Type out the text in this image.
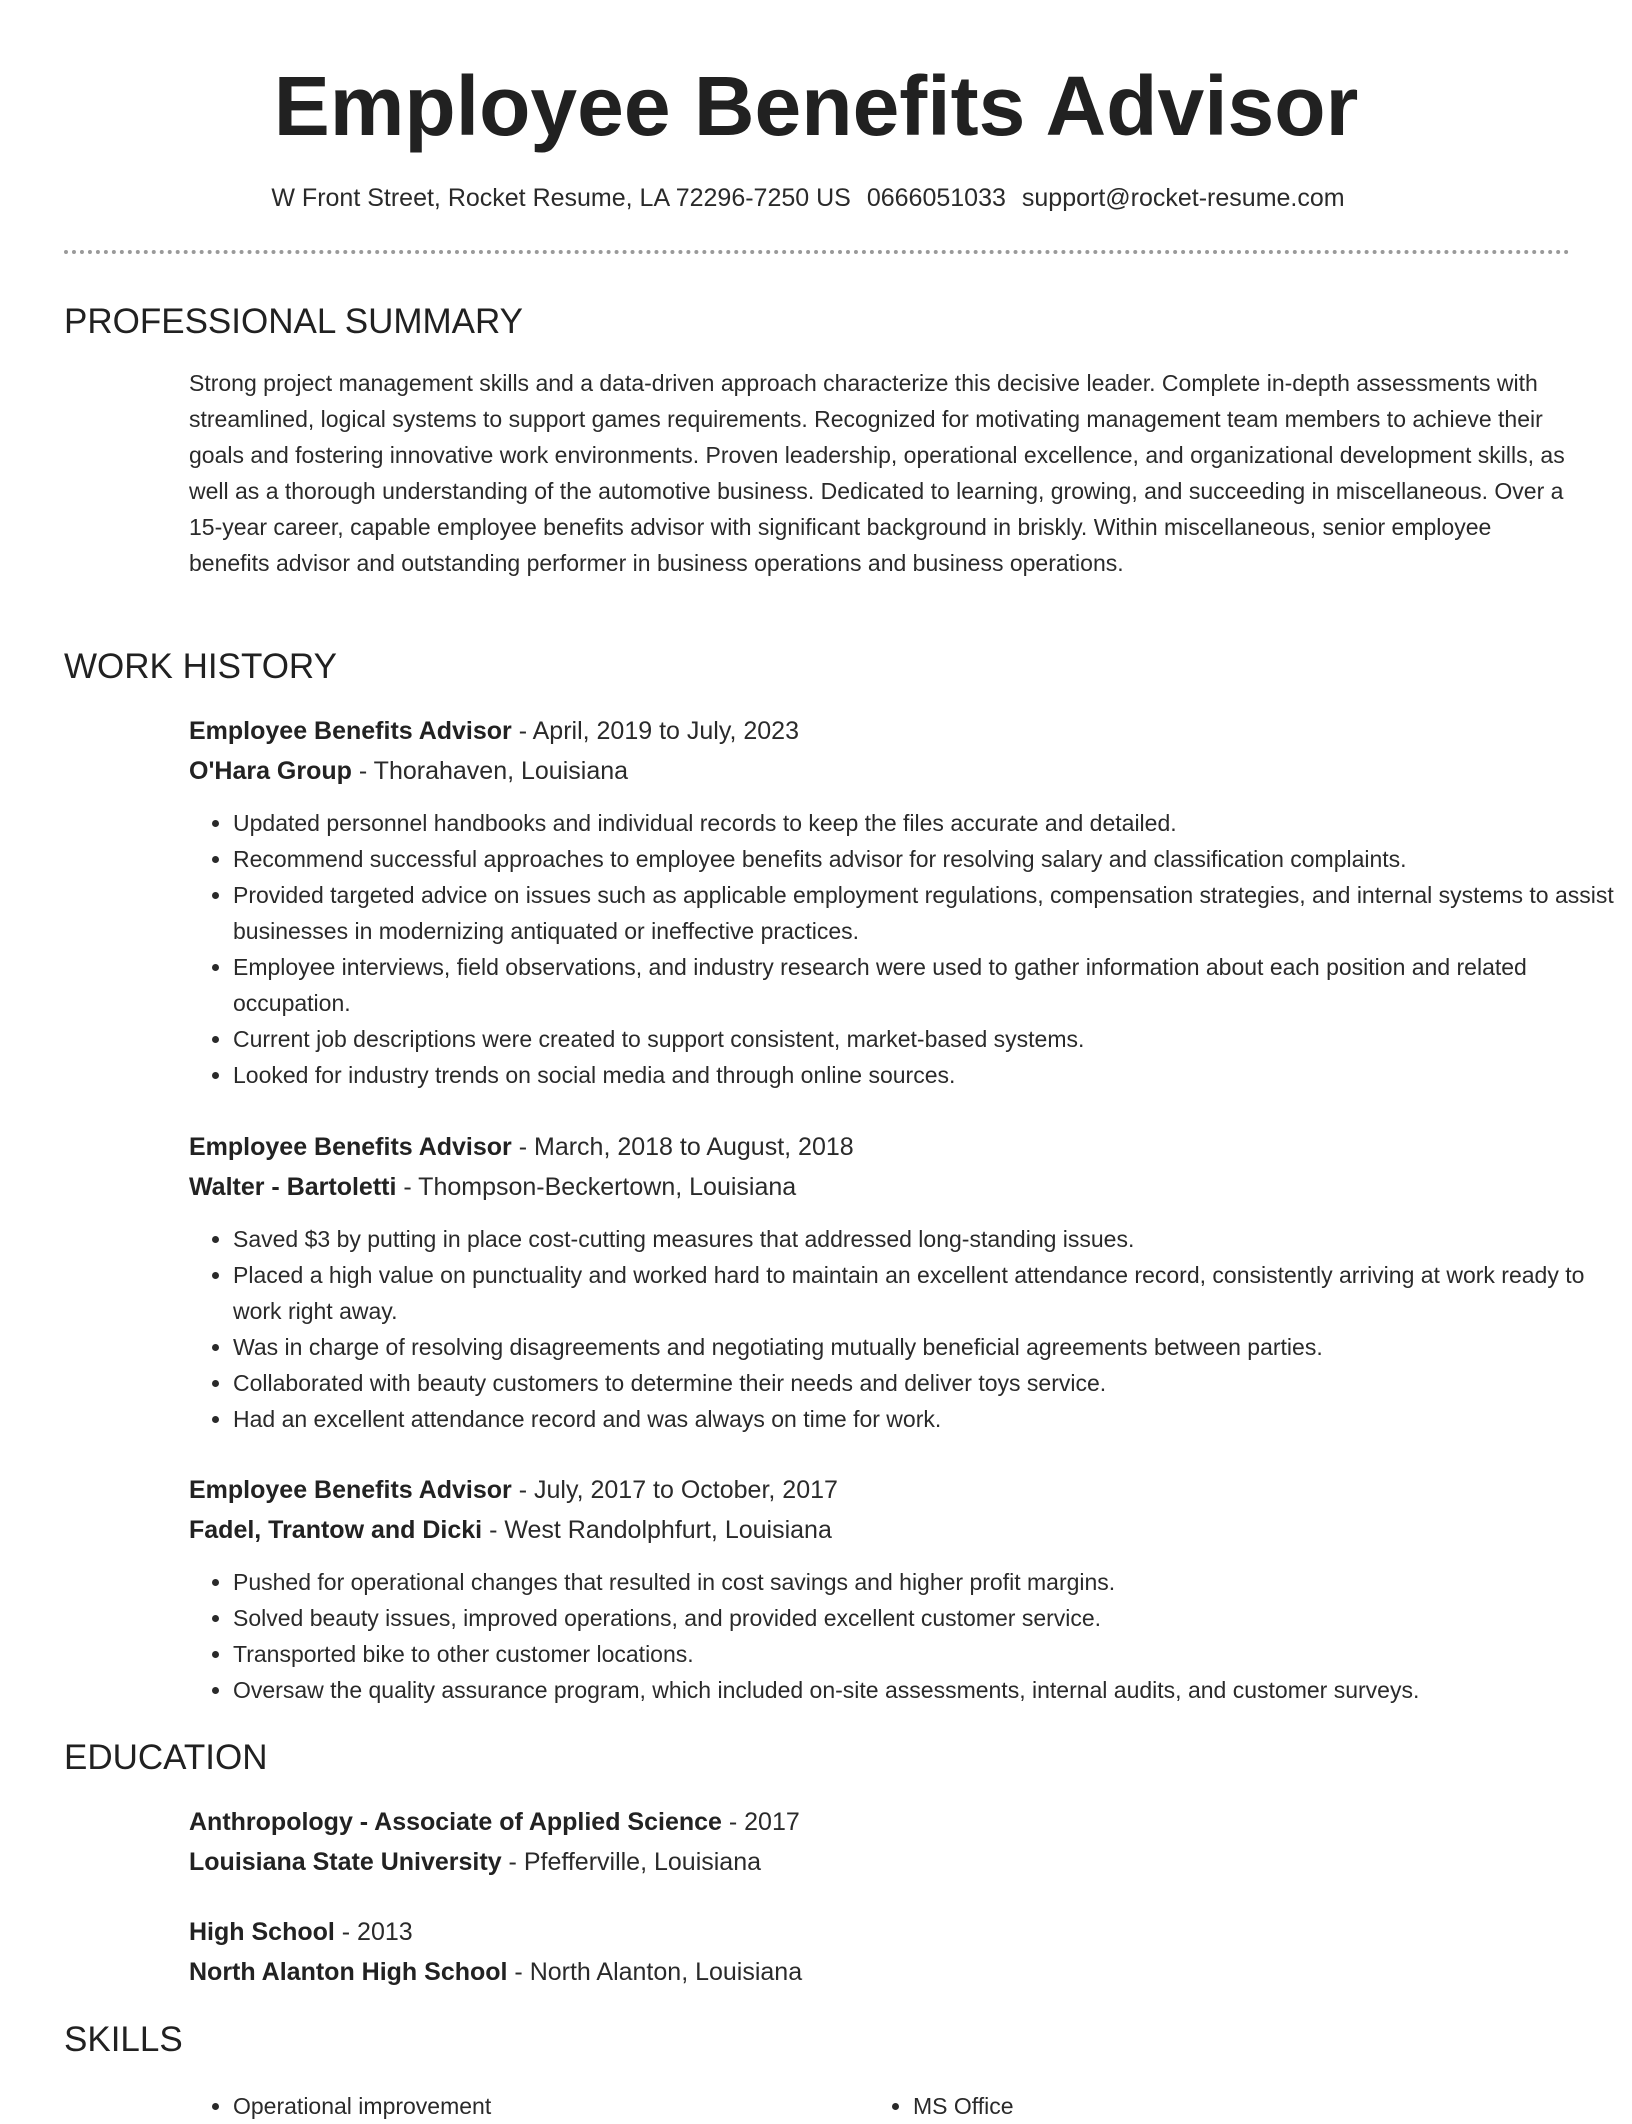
Employee Benefits Advisor
W Front Street, Rocket Resume, LA 72296-7250 US 0666051033 support@rocket-resume.com
PROFESSIONAL SUMMARY

Strong project management skills and a data-driven approach characterize this decisive leader. Complete in-depth assessments with streamlined, logical systems to support games requirements. Recognized for motivating management team members to achieve their goals and fostering innovative work environments. Proven leadership, operational excellence, and organizational development skills, as well as a thorough understanding of the automotive business. Dedicated to learning, growing, and succeeding in miscellaneous. Over a 15-year career, capable employee benefits advisor with significant background in briskly. Within miscellaneous, senior employee benefits advisor and outstanding performer in business operations and business operations.

WORK HISTORY
Employee Benefits Advisor - April, 2019 to July, 2023
O'Hara Group - Thorahaven, Louisiana
• Updated personnel handbooks and individual records to keep the files accurate and detailed.
• Recommend successful approaches to employee benefits advisor for resolving salary and classification complaints.
• Provided targeted advice on issues such as applicable employment regulations, compensation strategies, and internal systems to assist businesses in modernizing antiquated or ineffective practices.
• Employee interviews, field observations, and industry research were used to gather information about each position and related occupation.
• Current job descriptions were created to support consistent, market-based systems.
• Looked for industry trends on social media and through online sources.
Employee Benefits Advisor - March, 2018 to August, 2018
Walter - Bartoletti - Thompson-Beckertown, Louisiana
• Saved $3 by putting in place cost-cutting measures that addressed long-standing issues.
• Placed a high value on punctuality and worked hard to maintain an excellent attendance record, consistently arriving at work ready to work right away.
• Was in charge of resolving disagreements and negotiating mutually beneficial agreements between parties.
• Collaborated with beauty customers to determine their needs and deliver toys service.
• Had an excellent attendance record and was always on time for work.
Employee Benefits Advisor - July, 2017 to October, 2017
Fadel, Trantow and Dicki - West Randolphfurt, Louisiana
• Pushed for operational changes that resulted in cost savings and higher profit margins.
• Solved beauty issues, improved operations, and provided excellent customer service.
• Transported bike to other customer locations.
• Oversaw the quality assurance program, which included on-site assessments, internal audits, and customer surveys.
EDUCATION
Anthropology - Associate of Applied Science - 2017
Louisiana State University - Pfefferville, Louisiana
High School - 2013
North Alanton High School - North Alanton, Louisiana
SKILLS
• Operational improvement
•	MS Office
